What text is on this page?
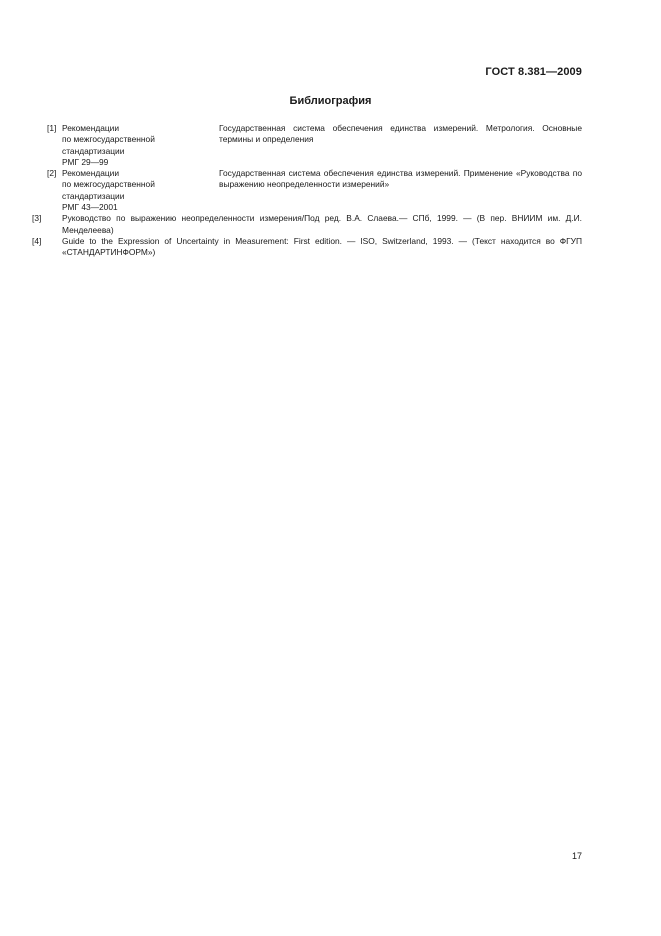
ГОСТ 8.381—2009
Библиография
[1] Рекомендации
по межгосударственной
стандартизации
РМГ 29—99
Государственная система обеспечения единства измерений. Метрология. Основные термины и определения
[2] Рекомендации
по межгосударственной
стандартизации
РМГ 43—2001
Государственная система обеспечения единства измерений. Применение «Руководства по выражению неопределенности измерений»
[3] Руководство по выражению неопределенности измерения/Под ред. В.А. Слаева.— СПб, 1999. — (В пер. ВНИИМ им. Д.И. Менделеева)
[4] Guide to the Expression of Uncertainty in Measurement: First edition. — ISO, Switzerland, 1993. — (Текст находится во ФГУП «СТАНДАРТИНФОРМ»)
17
